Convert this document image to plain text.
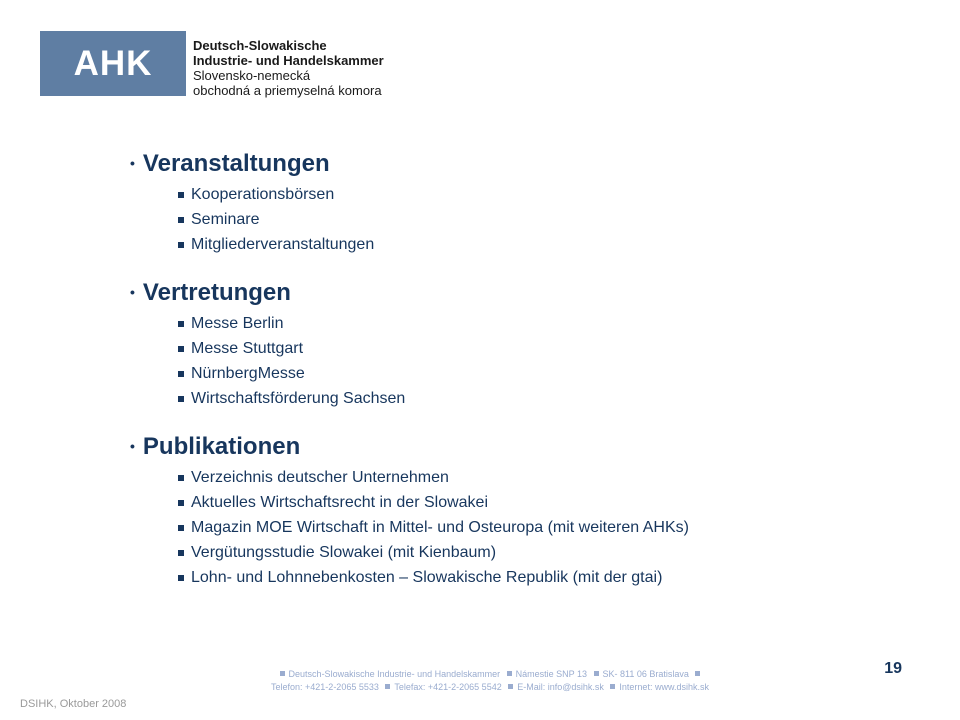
AHK	Deutsch-Slowakische
Industrie- und Handelskammer
Slovensko-nemecká
obchodná a priemyselná komora
• Veranstaltungen
Kooperationsbörsen
Seminare
Mitgliederveranstaltungen
• Vertretungen
Messe Berlin
Messe Stuttgart
NürnbergMesse
Wirtschaftsförderung Sachsen
• Publikationen
Verzeichnis deutscher Unternehmen
Aktuelles Wirtschaftsrecht in der Slowakei
Magazin MOE Wirtschaft in Mittel- und Osteuropa (mit weiteren AHKs)
Vergütungsstudie Slowakei (mit Kienbaum)
Lohn- und Lohnnebenkosten – Slowakische Republik (mit der gtai)
Deutsch-Slowakische Industrie- und Handelskammer Námestie SNP 13 SK- 811 06 Bratislava
Telefon: +421-2-2065 5533 Telefax: +421-2-2065 5542 E-Mail: info@dsihk.sk Internet: www.dsihk.sk
19
DSIHK, Oktober 2008
